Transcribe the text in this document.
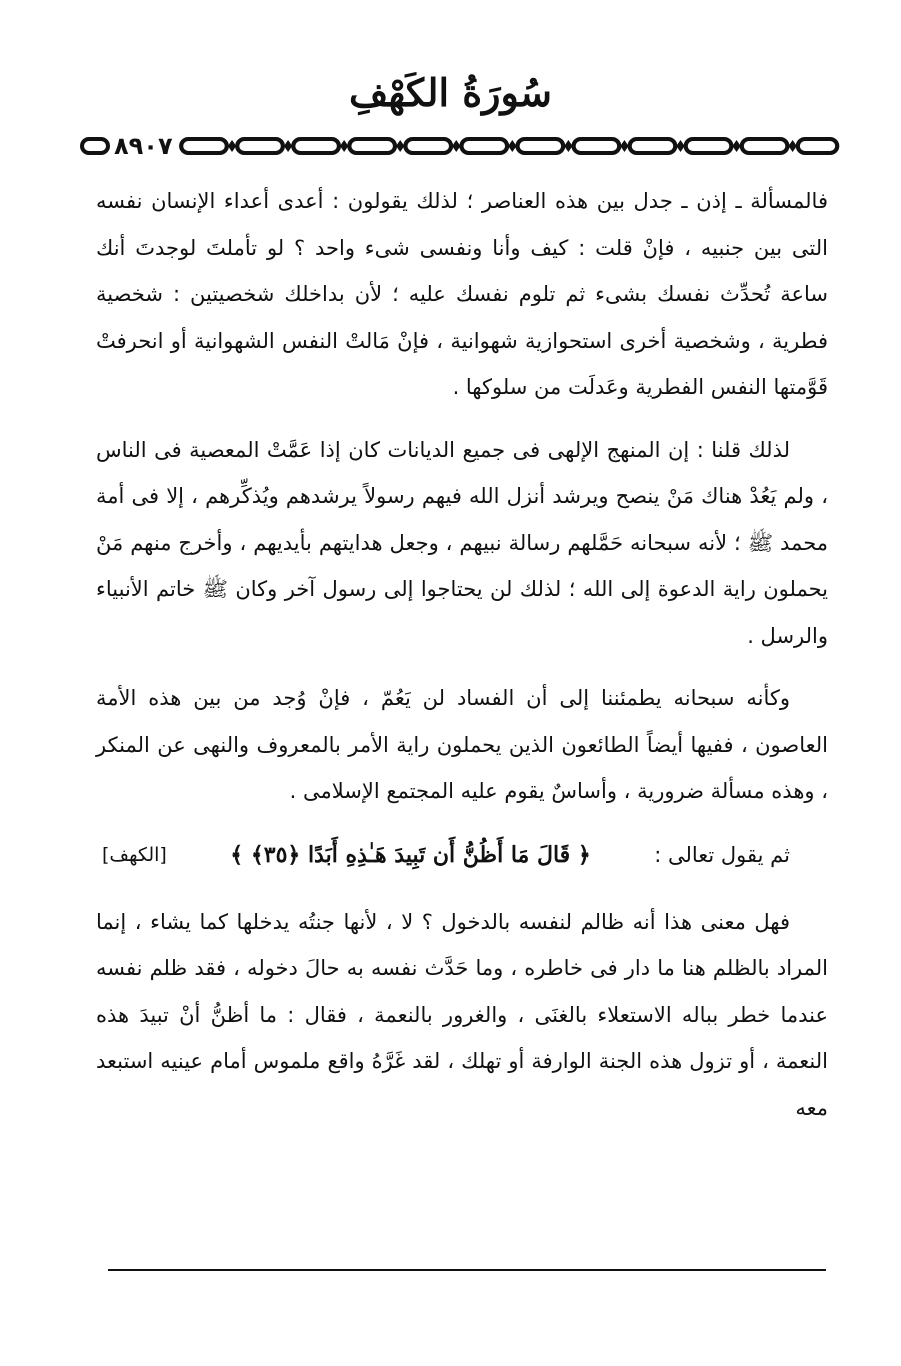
سُورَةُ الكَهْفِ
٨٩٠٧

فالمسألة ـ إذن ـ جدل بين هذه العناصر ؛ لذلك يقولون : أعدى أعداء الإنسان نفسه التى بين جنبيه ، فإنْ قلت : كيف وأنا ونفسى شىء واحد ؟ لو تأملتَ لوجدتَ أنك ساعة تُحدِّث نفسك بشىء ثم تلوم نفسك عليه ؛ لأن بداخلك شخصيتين : شخصية فطرية ، وشخصية أخرى استحوازية شهوانية ، فإنْ مَالتْ النفس الشهوانية أو انحرفتْ قَوَّمتها النفس الفطرية وعَدلَت من سلوكها .

لذلك قلنا : إن المنهج الإلهى فى جميع الديانات كان إذا عَمَّتْ المعصية فى الناس ، ولم يَعُدْ هناك مَنْ ينصح ويرشد أنزل الله فيهم رسولاً يرشدهم ويُذكِّرهم ، إلا فى أمة محمد ﷺ ؛ لأنه سبحانه حَمَّلهم رسالة نبيهم ، وجعل هدايتهم بأيديهم ، وأخرج منهم مَنْ يحملون راية الدعوة إلى الله ؛ لذلك لن يحتاجوا إلى رسول آخر وكان ﷺ خاتم الأنبياء والرسل .

وكأنه سبحانه يطمئننا إلى أن الفساد لن يَعُمّ ، فإنْ وُجد من بين هذه الأمة العاصون ، ففيها أيضاً الطائعون الذين يحملون راية الأمر بالمعروف والنهى عن المنكر ، وهذه مسألة ضرورية ، وأساسٌ يقوم عليه المجتمع الإسلامى .

ثم يقول تعالى :
﴿ قَالَ مَا أَظُنُّ أَن تَبِيدَ هَـٰذِهِ أَبَدًا ﴿٣٥﴾ ﴾
[الكهف]

فهل معنى هذا أنه ظالم لنفسه بالدخول ؟ لا ، لأنها جنتُه يدخلها كما يشاء ، إنما المراد بالظلم هنا ما دار فى خاطره ، وما حَدَّث نفسه به حالَ دخوله ، فقد ظلم نفسه عندما خطر بباله الاستعلاء بالغنَى ، والغرور بالنعمة ، فقال : ما أظنُّ أنْ تبيدَ هذه النعمة ، أو تزول هذه الجنة الوارفة أو تهلك ، لقد غَرَّهُ واقع ملموس أمام عينيه استبعد معه
